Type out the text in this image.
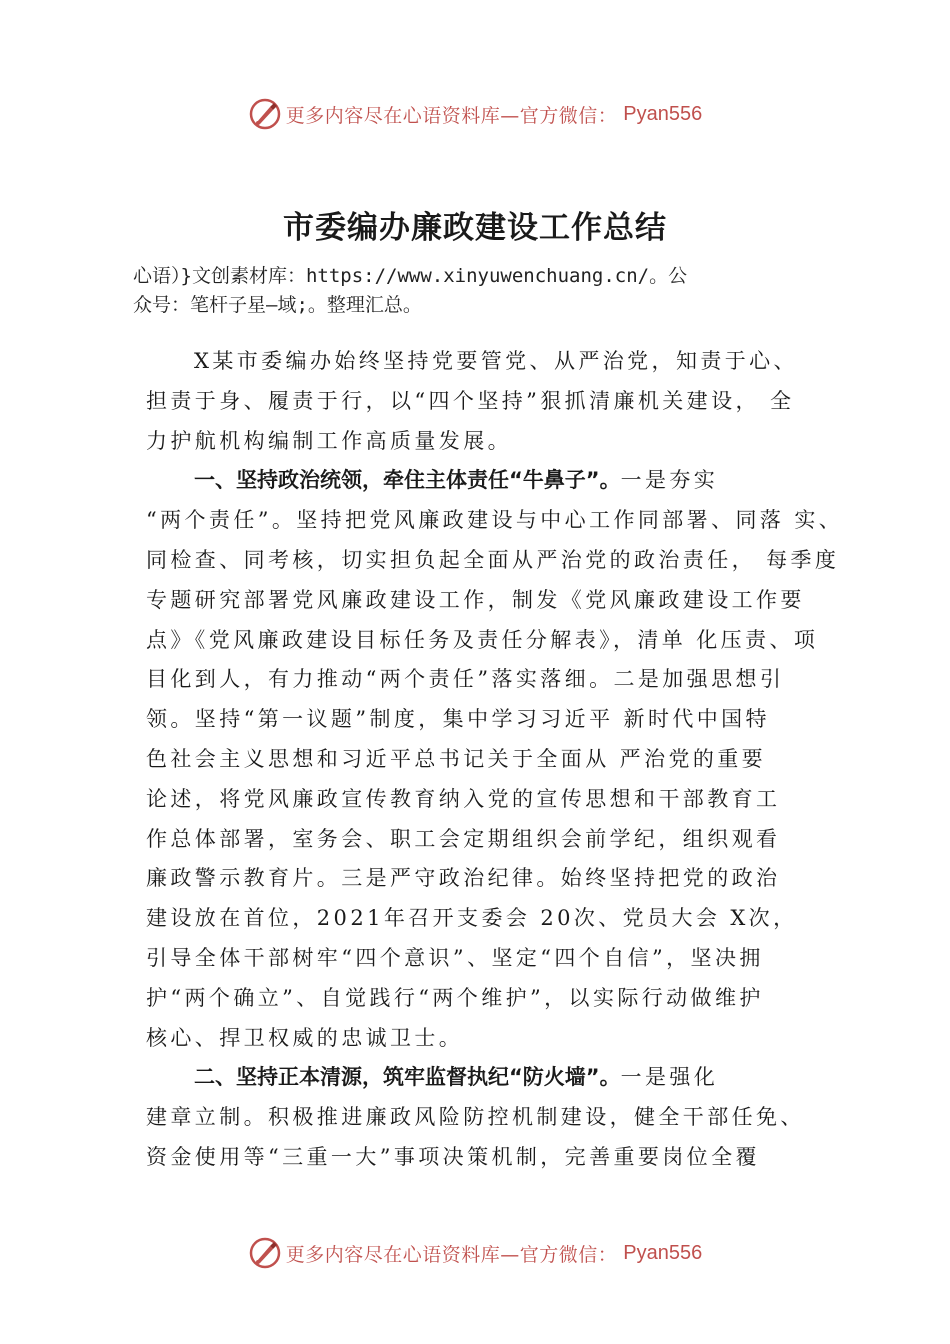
更多内容尽在心语资料库—官方微信： Pyan556
市委编办廉政建设工作总结
心语）}文创素材库：https://www.xinyuwenchuang.cn/。公
众号：笔杆子星—域;。整理汇总。
X某市委编办始终坚持党要管党、从严治党，知责于心、
担责于身、履责于行，以“四个坚持”狠抓清廉机关建设， 全
力护航机构编制工作高质量发展。
一、坚持政治统领，牵住主体责任“牛鼻子”。一是夯实
“两个责任”。坚持把党风廉政建设与中心工作同部署、同落 实、
同检查、同考核，切实担负起全面从严治党的政治责任， 每季度
专题研究部署党风廉政建设工作，制发《党风廉政建设工作要
点》《党风廉政建设目标任务及责任分解表》，清单 化压责、项
目化到人，有力推动“两个责任”落实落细。二是加强思想引
领。坚持“第一议题”制度，集中学习习近平 新时代中国特
色社会主义思想和习近平总书记关于全面从 严治党的重要
论述，将党风廉政宣传教育纳入党的宣传思想和干部教育工
作总体部署，室务会、职工会定期组织会前学纪，组织观看
廉政警示教育片。三是严守政治纪律。始终坚持把党的政治
建设放在首位，2021年召开支委会 20次、党员大会 X次，
引导全体干部树牢“四个意识”、坚定“四个自信”，坚决拥
护“两个确立”、自觉践行“两个维护”，以实际行动做维护
核心、捍卫权威的忠诚卫士。
二、坚持正本清源，筑牢监督执纪“防火墙”。一是强化
建章立制。积极推进廉政风险防控机制建设，健全干部任免、
资金使用等“三重一大”事项决策机制，完善重要岗位全覆
更多内容尽在心语资料库—官方微信： Pyan556
